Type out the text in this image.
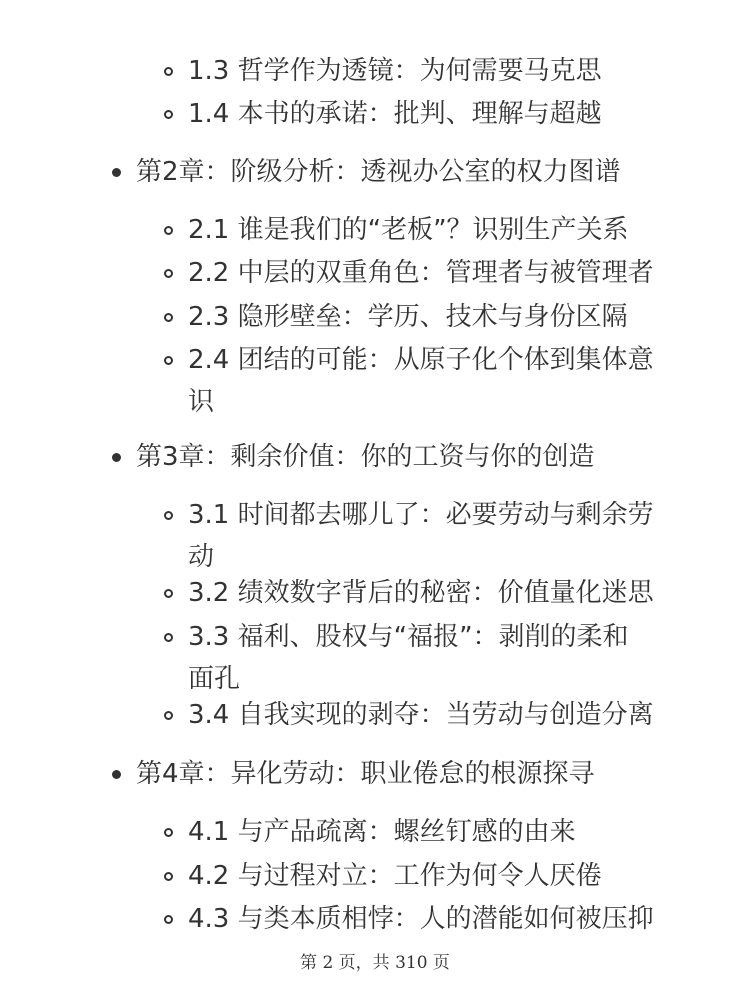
1.3 哲学作为透镜：为何需要马克思
1.4 本书的承诺：批判、理解与超越
第2章：阶级分析：透视办公室的权力图谱
2.1 谁是我们的“老板”？识别生产关系
2.2 中层的双重角色：管理者与被管理者
2.3 隐形壁垒：学历、技术与身份区隔
2.4 团结的可能：从原子化个体到集体意
识
第3章：剩余价值：你的工资与你的创造
3.1 时间都去哪儿了：必要劳动与剩余劳
动
3.2 绩效数字背后的秘密：价值量化迷思
3.3 福利、股权与“福报”：剥削的柔和
面孔
3.4 自我实现的剥夺：当劳动与创造分离
第4章：异化劳动：职业倦怠的根源探寻
4.1 与产品疏离：螺丝钉感的由来
4.2 与过程对立：工作为何令人厌倦
4.3 与类本质相悖：人的潜能如何被压抑
第 2 页，共 310 页
